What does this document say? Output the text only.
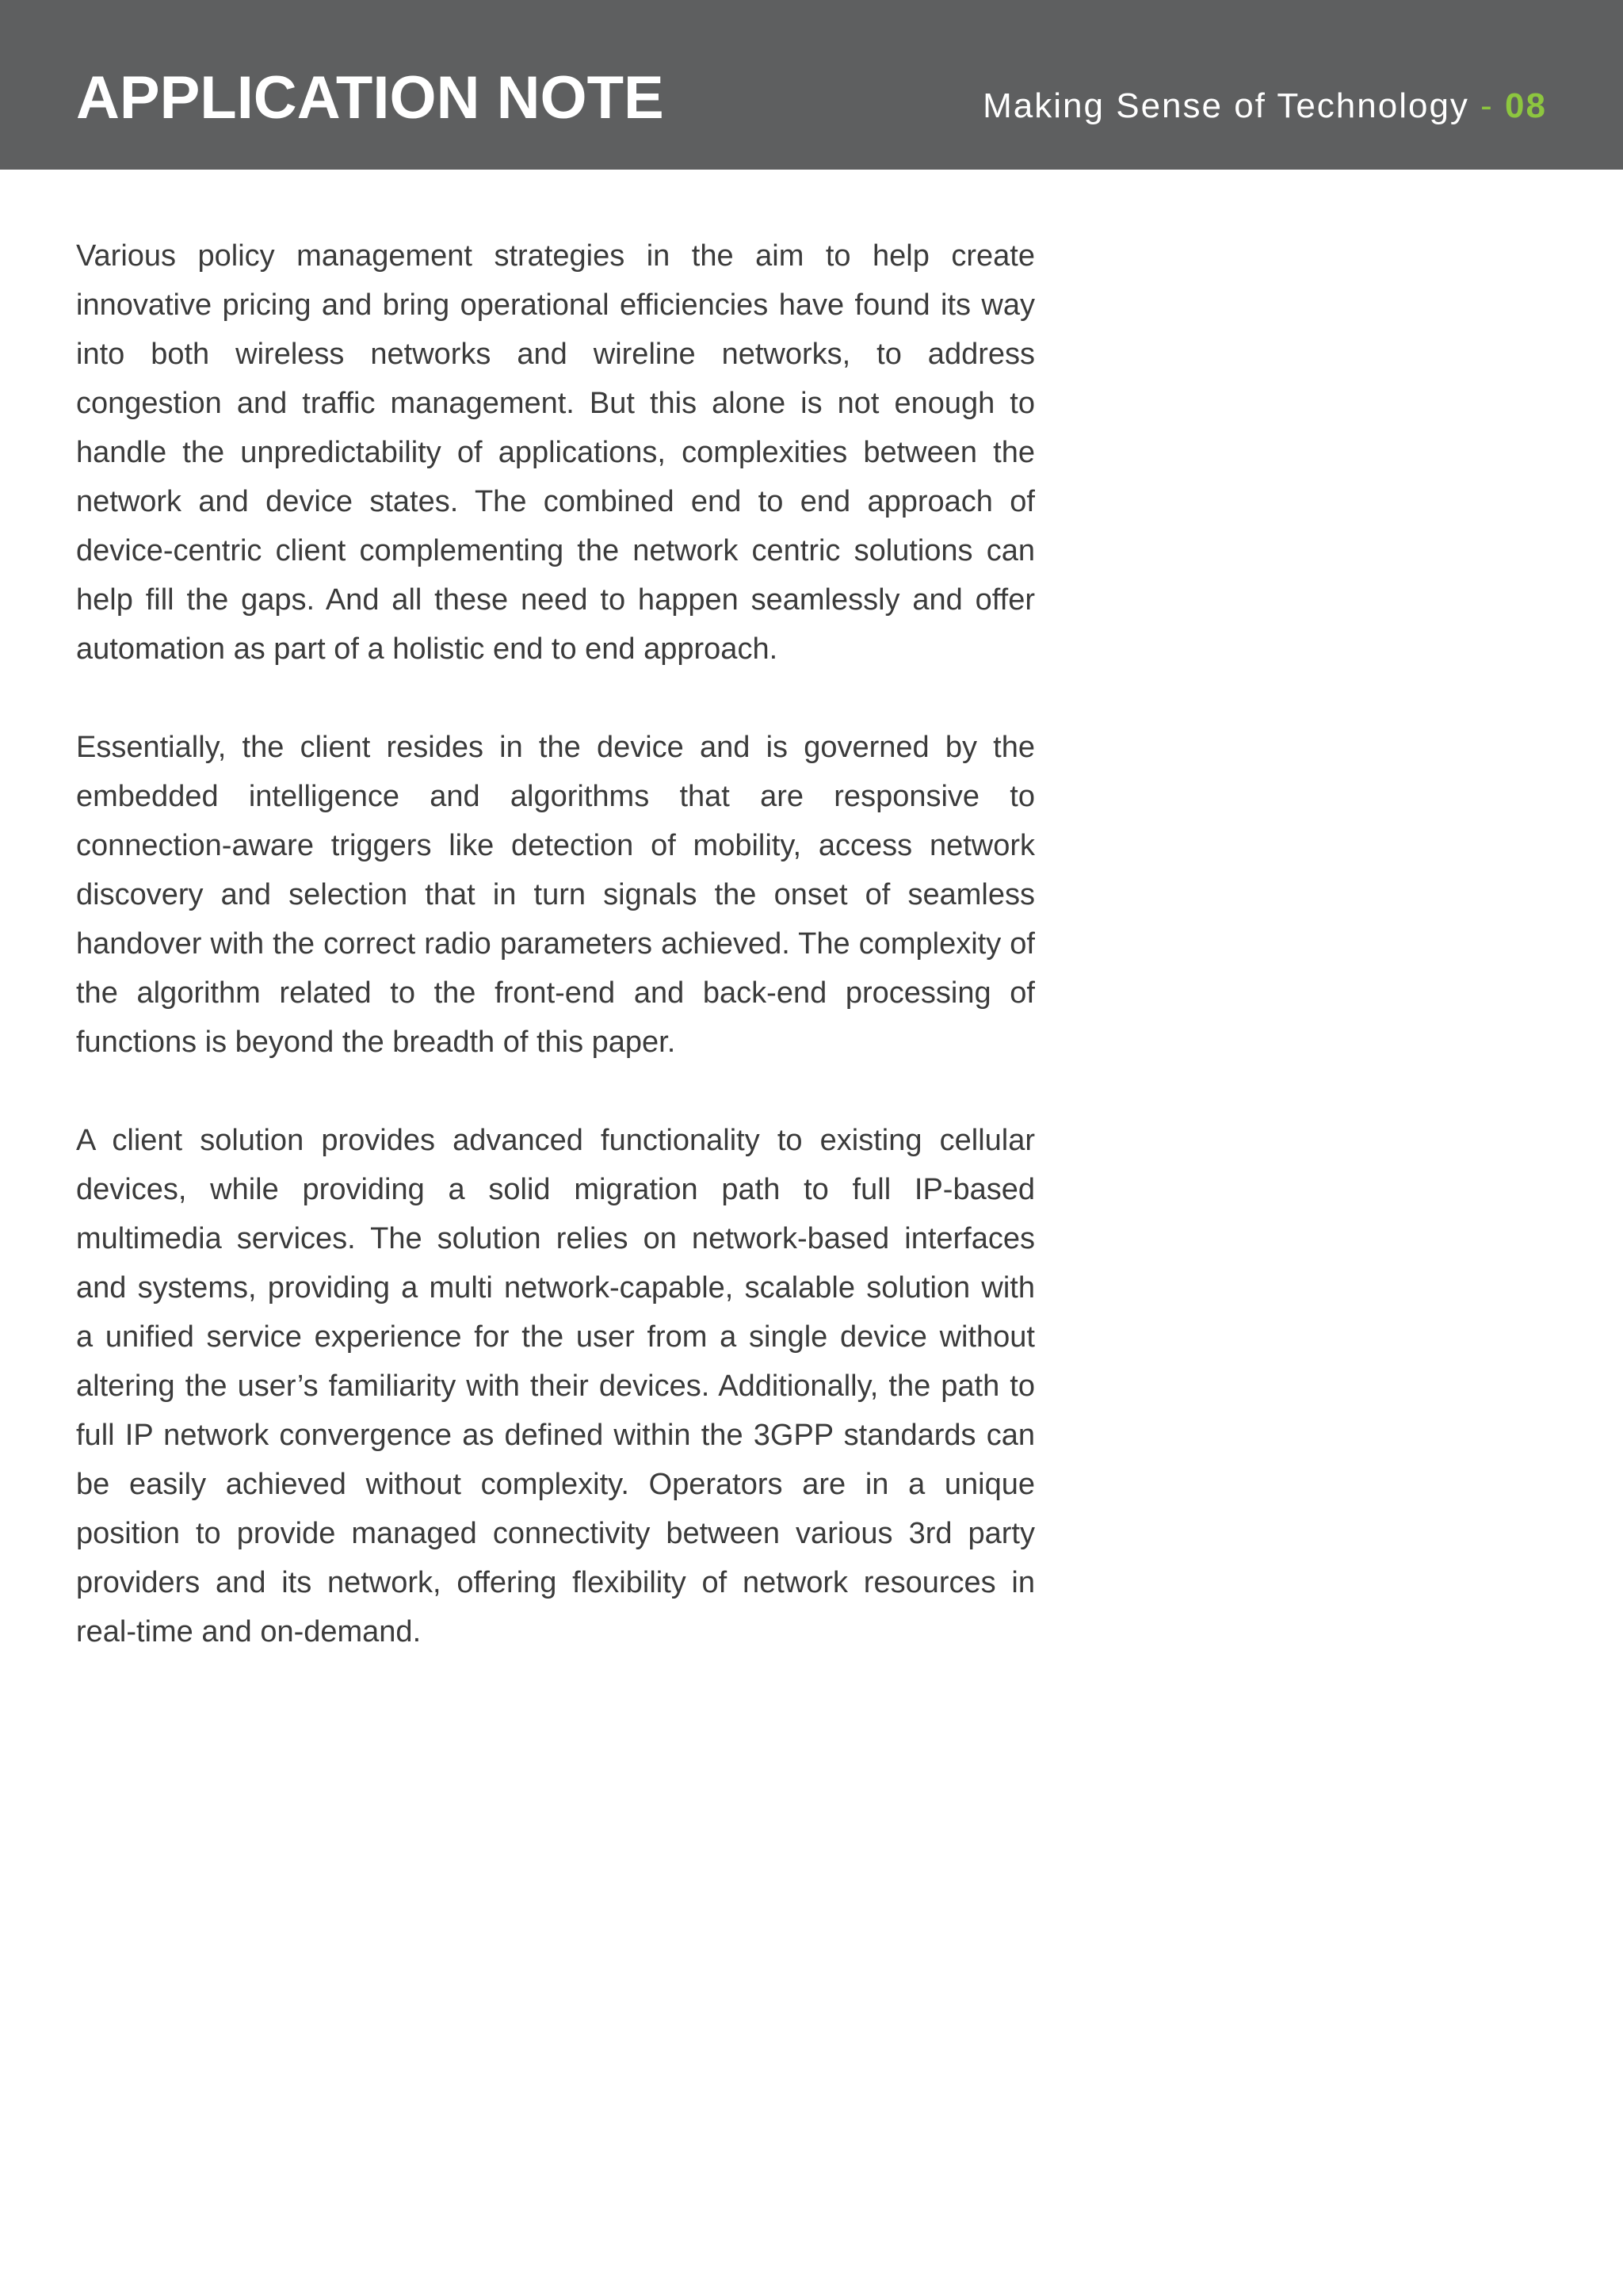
APPLICATION NOTE	Making Sense of Technology - 08

Various policy management strategies in the aim to help create innovative pricing and bring operational efficiencies have found its way into both wireless networks and wireline networks, to address congestion and traffic management. But this alone is not enough to handle the unpredictability of applications, complexities between the network and device states. The combined end to end approach of device-centric client complementing the network centric solutions can help fill the gaps. And all these need to happen seamlessly and offer automation as part of a holistic end to end approach.

Essentially, the client resides in the device and is governed by the embedded intelligence and algorithms that are responsive to connection-aware triggers like detection of mobility, access network discovery and selection that in turn signals the onset of seamless handover with the correct radio parameters achieved. The complexity of the algorithm related to the front-end and back-end processing of functions is beyond the breadth of this paper.

A client solution provides advanced functionality to existing cellular devices, while providing a solid migration path to full IP-based multimedia services. The solution relies on network-based interfaces and systems, providing a multi network-capable, scalable solution with a unified service experience for the user from a single device without altering the user’s familiarity with their devices. Additionally, the path to full IP network convergence as defined within the 3GPP standards can be easily achieved without complexity. Operators are in a unique position to provide managed connectivity between various 3rd party providers and its network, offering flexibility of network resources in real-time and on-demand.
